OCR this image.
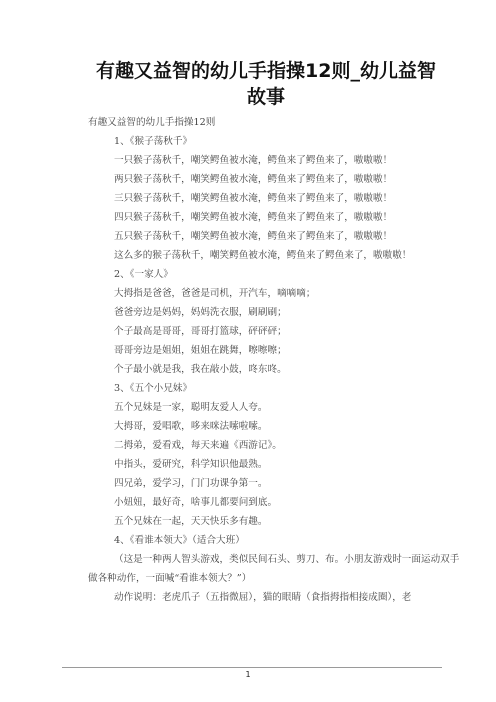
有趣又益智的幼儿手指操12则_幼儿益智故事
有趣又益智的幼儿手指操12则
1、《猴子荡秋千》
一只猴子荡秋千，嘲笑鳄鱼被水淹，鳄鱼来了鳄鱼来了，嗷嗷嗷！
两只猴子荡秋千，嘲笑鳄鱼被水淹，鳄鱼来了鳄鱼来了，嗷嗷嗷！
三只猴子荡秋千，嘲笑鳄鱼被水淹，鳄鱼来了鳄鱼来了，嗷嗷嗷！
四只猴子荡秋千，嘲笑鳄鱼被水淹，鳄鱼来了鳄鱼来了，嗷嗷嗷！
五只猴子荡秋千，嘲笑鳄鱼被水淹，鳄鱼来了鳄鱼来了，嗷嗷嗷！
这么多的猴子荡秋千，嘲笑鳄鱼被水淹，鳄鱼来了鳄鱼来了，嗷嗷嗷！
2、《一家人》
大拇指是爸爸，爸爸是司机，开汽车，嘀嘀嘀；
爸爸旁边是妈妈，妈妈洗衣服，刷刷刷；
个子最高是哥哥，哥哥打篮球，砰砰砰；
哥哥旁边是姐姐，姐姐在跳舞，嚓嚓嚓；
个子最小就是我，我在敲小鼓，咚东咚。
3、《五个小兄妹》
五个兄妹是一家，聪明友爱人人夸。
大拇哥，爱唱歌，哆来咪法嗦啦嗦。
二拇弟，爱看戏，每天来遍《西游记》。
中指头，爱研究，科学知识他最熟。
四兄弟，爱学习，门门功课争第一。
小妞妞，最好奇，啥事儿都要问到底。
五个兄妹在一起，天天快乐多有趣。
4、《看谁本领大》（适合大班）
（这是一种两人智头游戏，类似民间石头、剪刀、布。小朋友游戏时一面运动双手做各种动作，一面喊“看谁本领大？”）
动作说明：老虎爪子（五指微屈），猫的眼睛（食指拇指相接成圈），老
1
